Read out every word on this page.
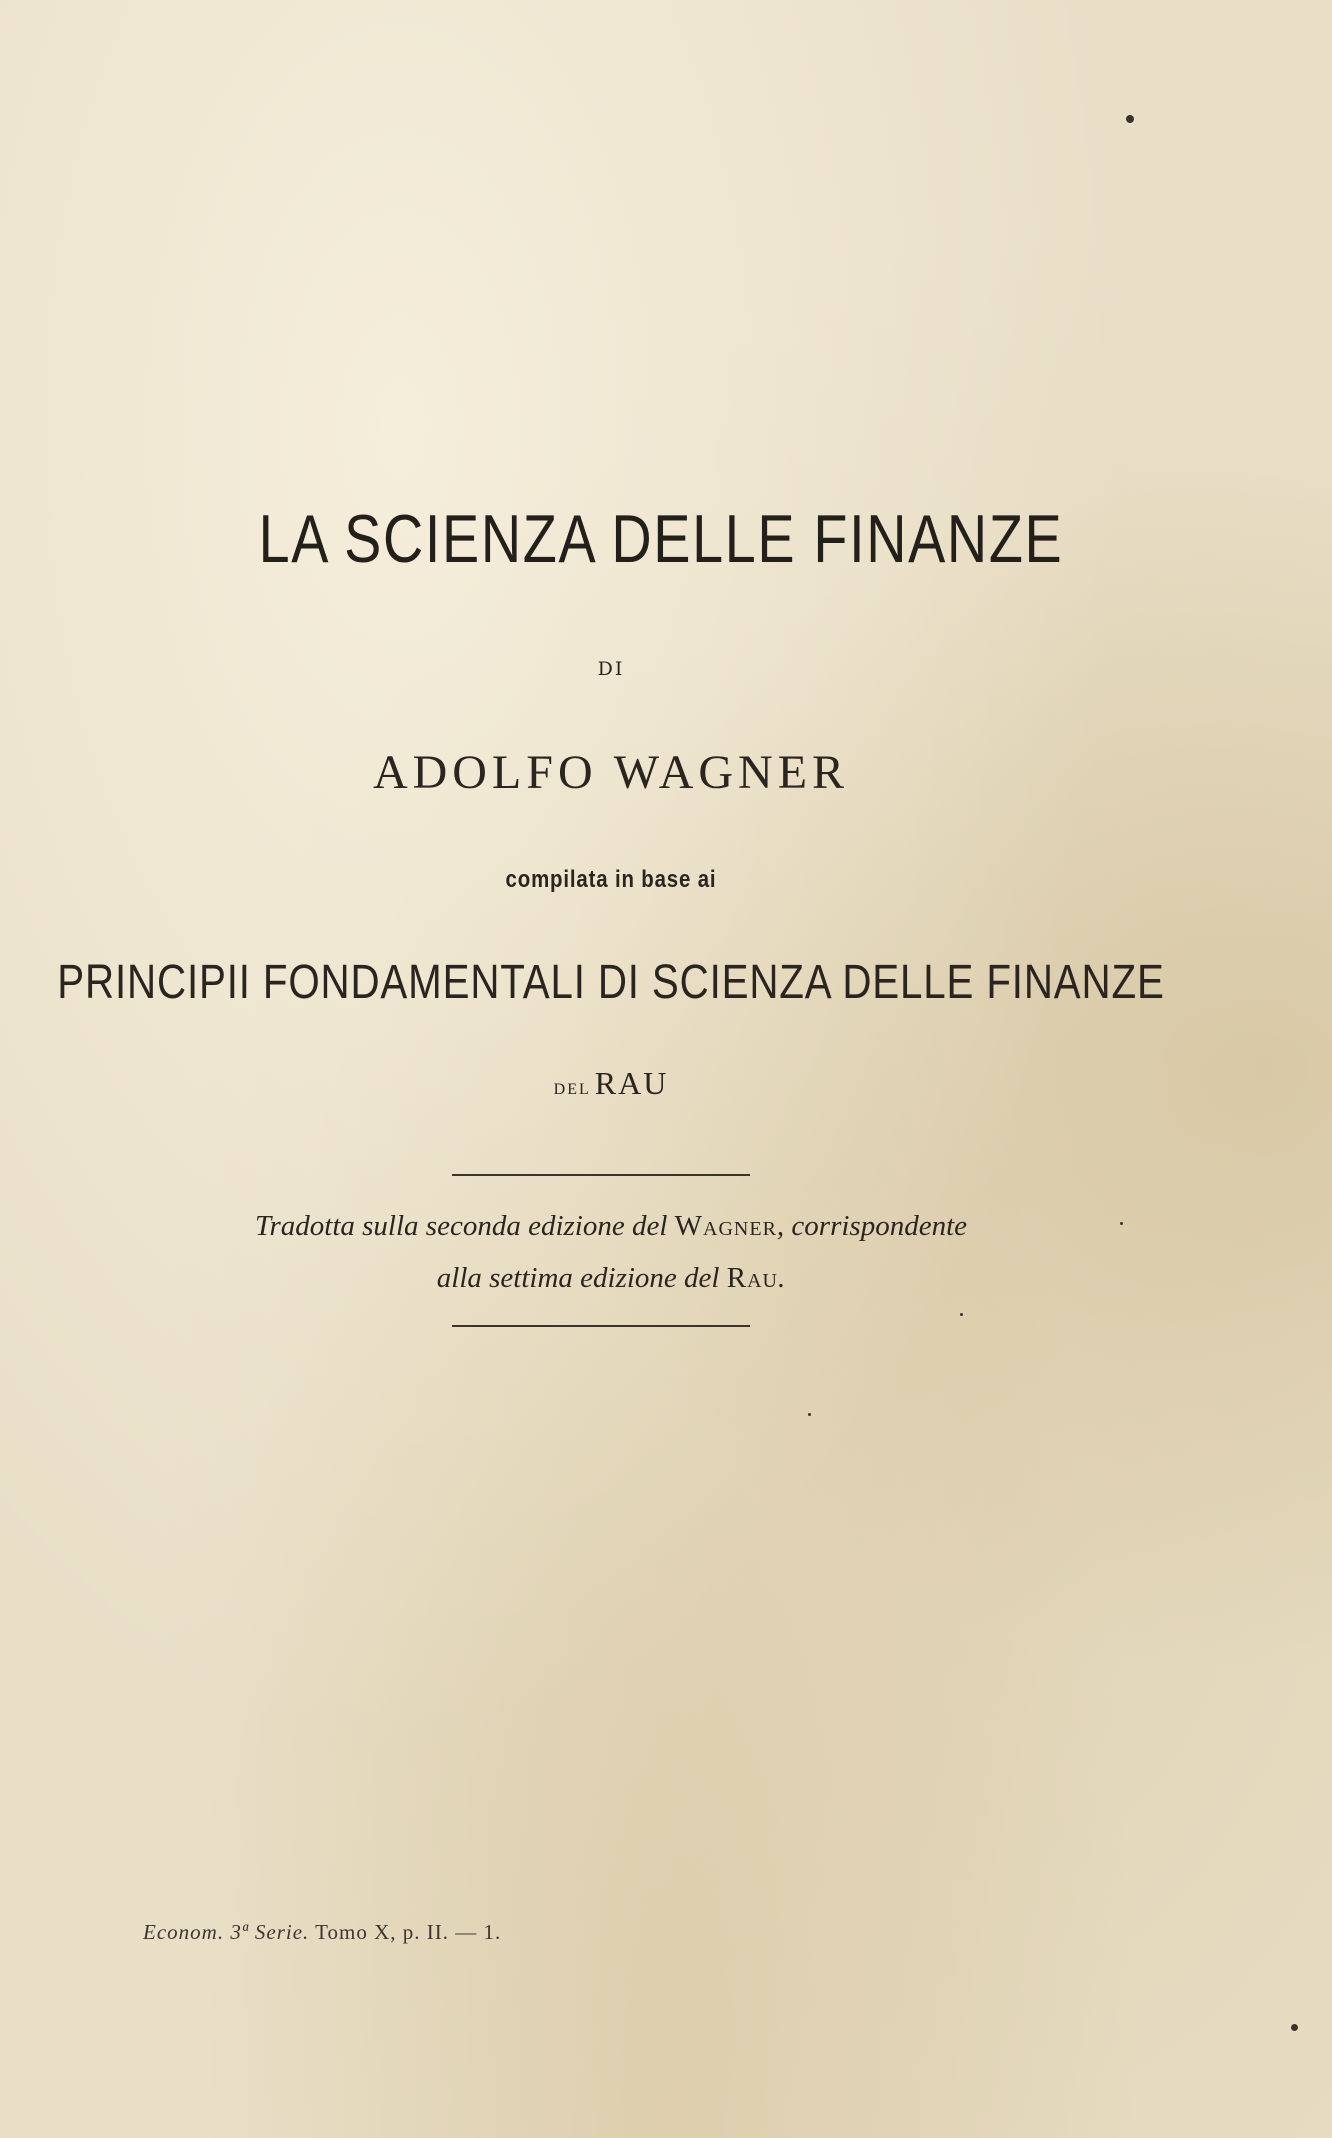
LA SCIENZA DELLE FINANZE
DI
ADOLFO WAGNER
compilata in base ai
PRINCIPII FONDAMENTALI DI SCIENZA DELLE FINANZE
del RAU
Tradotta sulla seconda edizione del Wagner, corrispondente
alla settima edizione del Rau.
Econom. 3ª Serie. Tomo X, p. II. — 1.
